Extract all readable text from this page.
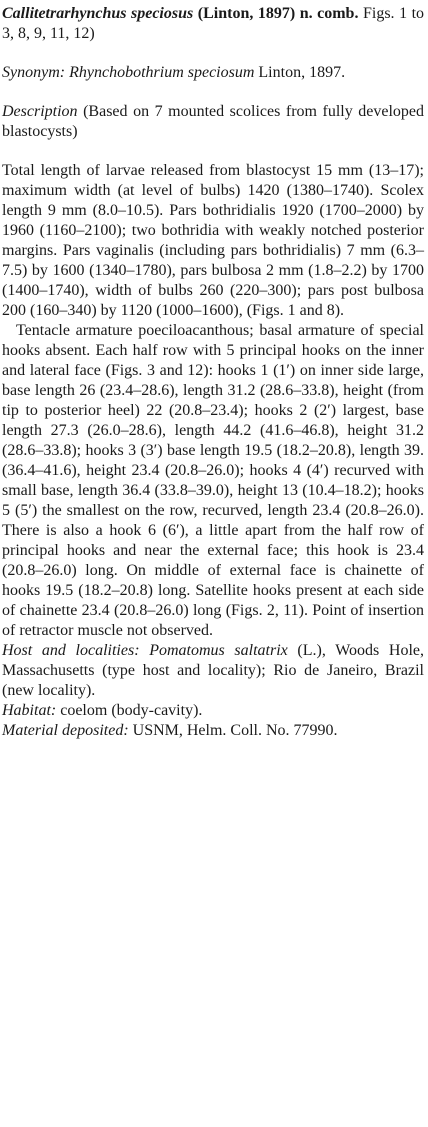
Callitetrarhynchus speciosus (Linton, 1897) n. comb. Figs. 1 to 3, 8, 9, 11, 12)

Synonym: Rhynchobothrium speciosum Linton, 1897.

Description (Based on 7 mounted scolices from fully developed blastocysts)

Total length of larvae released from blastocyst 15 mm (13–17); maximum width (at level of bulbs) 1420 (1380–1740). Scolex length 9 mm (8.0–10.5). Pars bothridialis 1920 (1700–2000) by 1960 (1160–2100); two bothridia with weakly notched posterior margins. Pars vaginalis (including pars bothridialis) 7 mm (6.3–7.5) by 1600 (1340–1780), pars bulbosa 2 mm (1.8–2.2) by 1700 (1400–1740), width of bulbs 260 (220–300); pars post bulbosa 200 (160–340) by 1120 (1000–1600), (Figs. 1 and 8).

Tentacle armature poeciloacanthous; basal armature of special hooks absent. Each half row with 5 principal hooks on the inner and lateral face (Figs. 3 and 12): hooks 1 (1′) on inner side large, base length 26 (23.4–28.6), length 31.2 (28.6–33.8), height (from tip to posterior heel) 22 (20.8–23.4); hooks 2 (2′) largest, base length 27.3 (26.0–28.6), length 44.2 (41.6–46.8), height 31.2 (28.6–33.8); hooks 3 (3′) base length 19.5 (18.2–20.8), length 39. (36.4–41.6), height 23.4 (20.8–26.0); hooks 4 (4′) recurved with small base, length 36.4 (33.8–39.0), height 13 (10.4–18.2); hooks 5 (5′) the smallest on the row, recurved, length 23.4 (20.8–26.0). There is also a hook 6 (6′), a little apart from the half row of principal hooks and near the external face; this hook is 23.4 (20.8–26.0) long. On middle of external face is chainette of hooks 19.5 (18.2–20.8) long. Satellite hooks present at each side of chainette 23.4 (20.8–26.0) long (Figs. 2, 11). Point of insertion of retractor muscle not observed.

Host and localities: Pomatomus saltatrix (L.), Woods Hole, Massachusetts (type host and locality); Rio de Janeiro, Brazil (new locality).

Habitat: coelom (body-cavity).

Material deposited: USNM, Helm. Coll. No. 77990.
